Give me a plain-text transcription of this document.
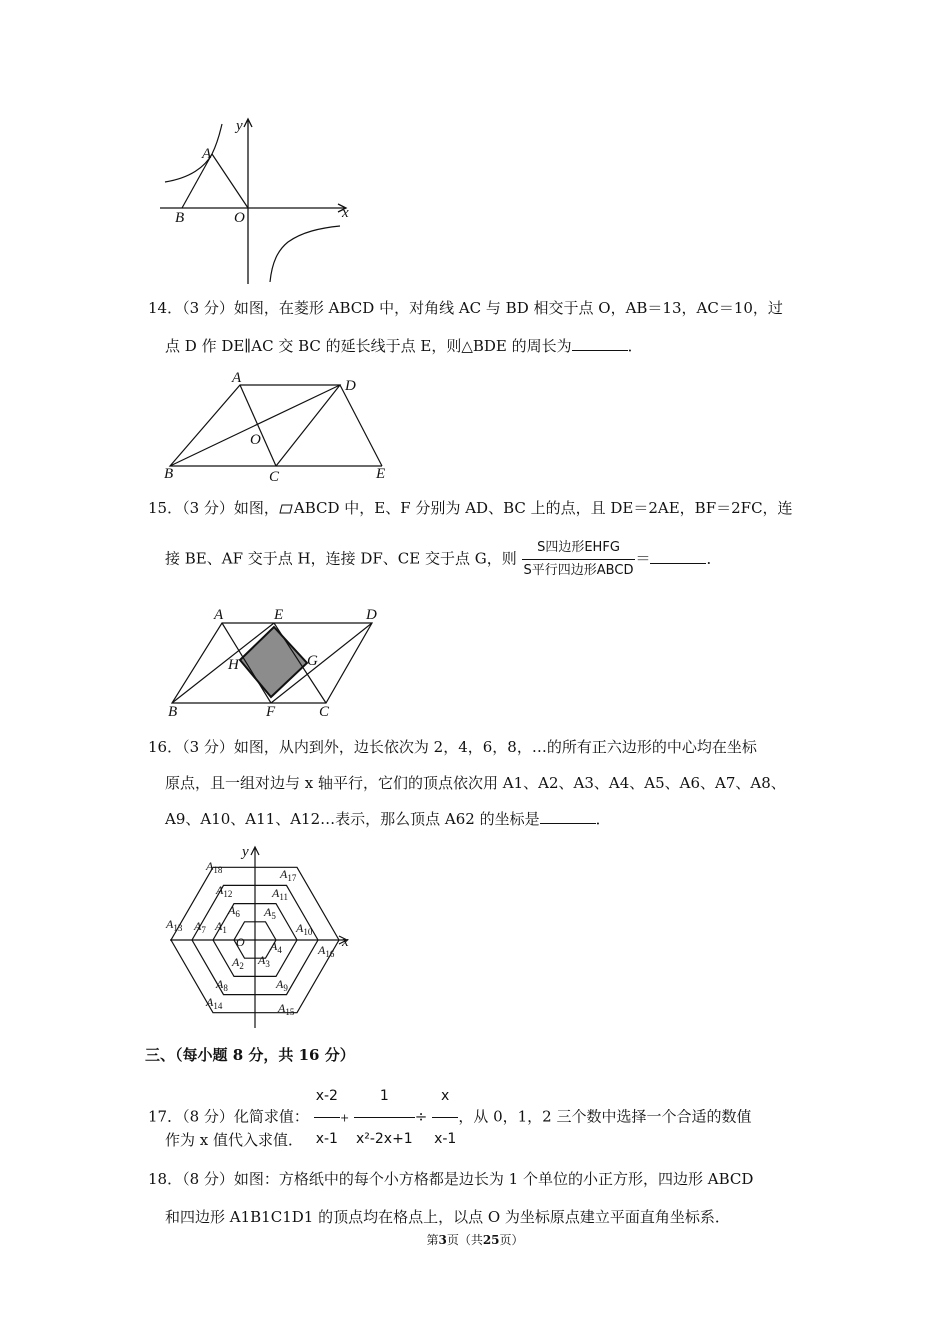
y
A
B	O	x
14．（3 分）如图，在菱形 ABCD 中，对角线 AC 与 BD 相交于点 O，AB＝13，AC＝10，过
点 D 作 DE∥AC 交 BC 的延长线于点 E，则△BDE 的周长为	．
A	D
O
B	C	E
15．（3 分）如图， ABCD 中，E、F 分别为 AD、BC 上的点，且 DE＝2AE，BF＝2FC，连
接 BE、AF 交于点 H，连接 DF、CE 交于点 G，则 $\frac{\text{S四边形EHFG}}{\text{S平行四边形ABCD}}$ ＝	．
A	E	D
H	G
B	F	C
16．（3 分）如图，从内到外，边长依次为 2，4，6，8，…的所有正六边形的中心均在坐标
原点，且一组对边与 x 轴平行，它们的顶点依次用 A1、A2、A3、A4、A5、A6、A7、A8、
A9、A10、A11、A12…表示，那么顶点 A62 的坐标是	．
x
y
$A_{18}$	$A_{17}$
$A_{12}$	$A_{11}$
$A_6$ $A_5$
$A_{13}$ $A_7$ $A_1$	$A_{10}$
O $A_4$	$A_{16}$
$A_2$ $A_3$
$A_8$	$A_9$
$A_{14}$	$A_{15}$
三、（每小题 8 分，共 16 分）
17．（8 分）化简求值： $\frac{x-2}{x-1} + \frac{1}{\text{x²-2x+1}} \div \frac{x}{x-1}$ ，从 0，1，2 三个数中选择一个合适的数值
作为 x 值代入求值．
18．（8 分）如图：方格纸中的每个小方格都是边长为 1 个单位的小正方形，四边形 ABCD
和四边形 A1B1C1D1 的顶点均在格点上，以点 O 为坐标原点建立平面直角坐标系．
第3页（共25页）
